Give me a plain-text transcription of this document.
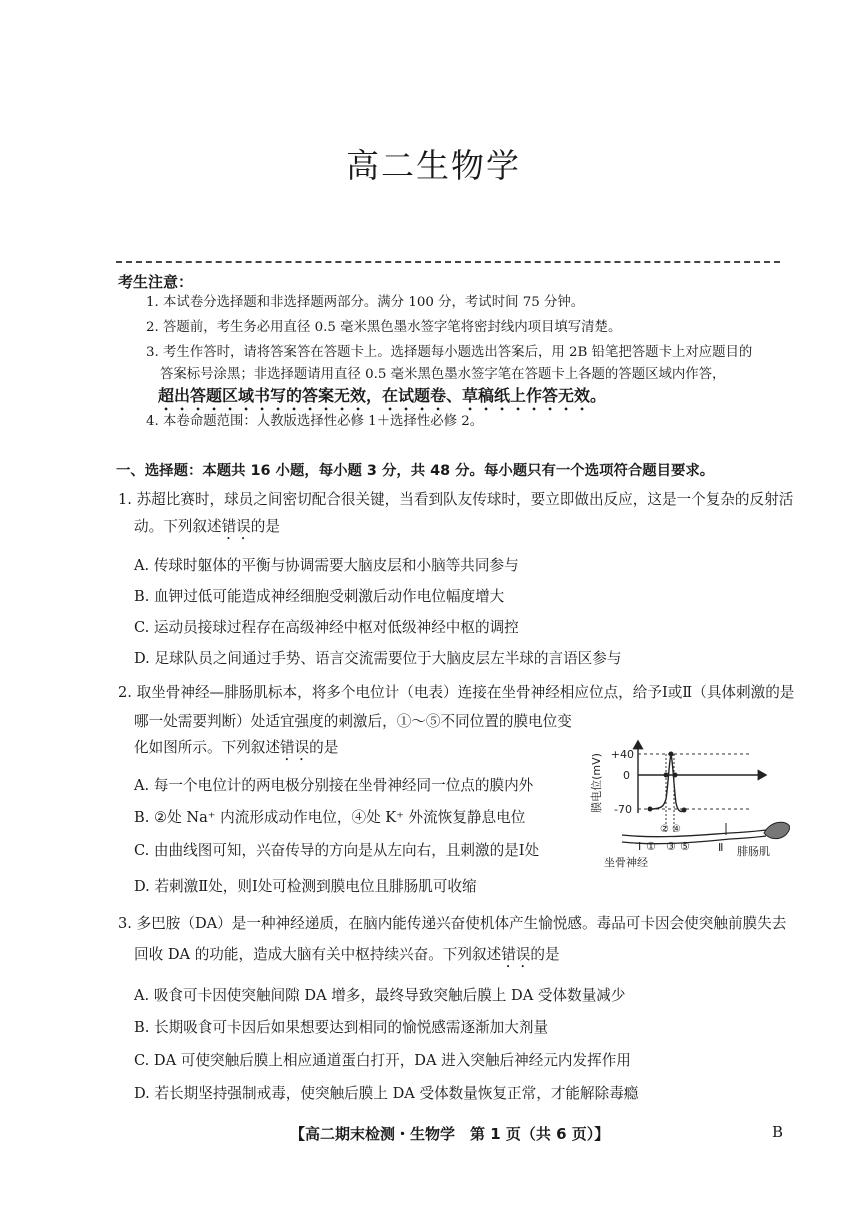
高二生物学
考生注意：
1. 本试卷分选择题和非选择题两部分。满分 100 分，考试时间 75 分钟。
2. 答题前，考生务必用直径 0.5 毫米黑色墨水签字笔将密封线内项目填写清楚。
3. 考生作答时，请将答案答在答题卡上。选择题每小题选出答案后，用 2B 铅笔把答题卡上对应题目的
答案标号涂黑；非选择题请用直径 0.5 毫米黑色墨水签字笔在答题卡上各题的答题区域内作答，
超出答题区域书写的答案无效，在试题卷、草稿纸上作答无效。
4. 本卷命题范围：人教版选择性必修 1＋选择性必修 2。
一、选择题：本题共 16 小题，每小题 3 分，共 48 分。每小题只有一个选项符合题目要求。
1. 苏超比赛时，球员之间密切配合很关键，当看到队友传球时，要立即做出反应，这是一个复杂的反射活
动。下列叙述错误的是
A. 传球时躯体的平衡与协调需要大脑皮层和小脑等共同参与
B. 血钾过低可能造成神经细胞受刺激后动作电位幅度增大
C. 运动员接球过程存在高级神经中枢对低级神经中枢的调控
D. 足球队员之间通过手势、语言交流需要位于大脑皮层左半球的言语区参与
2. 取坐骨神经—腓肠肌标本，将多个电位计（电表）连接在坐骨神经相应位点，给予Ⅰ或Ⅱ（具体刺激的是
哪一处需要判断）处适宜强度的刺激后，①～⑤不同位置的膜电位变
化如图所示。下列叙述错误的是
A. 每一个电位计的两电极分别接在坐骨神经同一位点的膜内外
B. ②处 Na⁺ 内流形成动作电位，④处 K⁺ 外流恢复静息电位
C. 由曲线图可知，兴奋传导的方向是从左向右，且刺激的是Ⅰ处
D. 若刺激Ⅱ处，则Ⅰ处可检测到膜电位且腓肠肌可收缩
膜电位(mV) +40
0
-70
Ⅰ ①
② ④
③ ⑤	Ⅱ 腓肠肌
坐骨神经
3. 多巴胺（DA）是一种神经递质，在脑内能传递兴奋使机体产生愉悦感。毒品可卡因会使突触前膜失去
回收 DA 的功能，造成大脑有关中枢持续兴奋。下列叙述错误的是
A. 吸食可卡因使突触间隙 DA 增多，最终导致突触后膜上 DA 受体数量减少
B. 长期吸食可卡因后如果想要达到相同的愉悦感需逐渐加大剂量
C. DA 可使突触后膜上相应通道蛋白打开，DA 进入突触后神经元内发挥作用
D. 若长期坚持强制戒毒，使突触后膜上 DA 受体数量恢复正常，才能解除毒瘾
【高二期末检测・生物学　第 1 页（共 6 页）】	B
